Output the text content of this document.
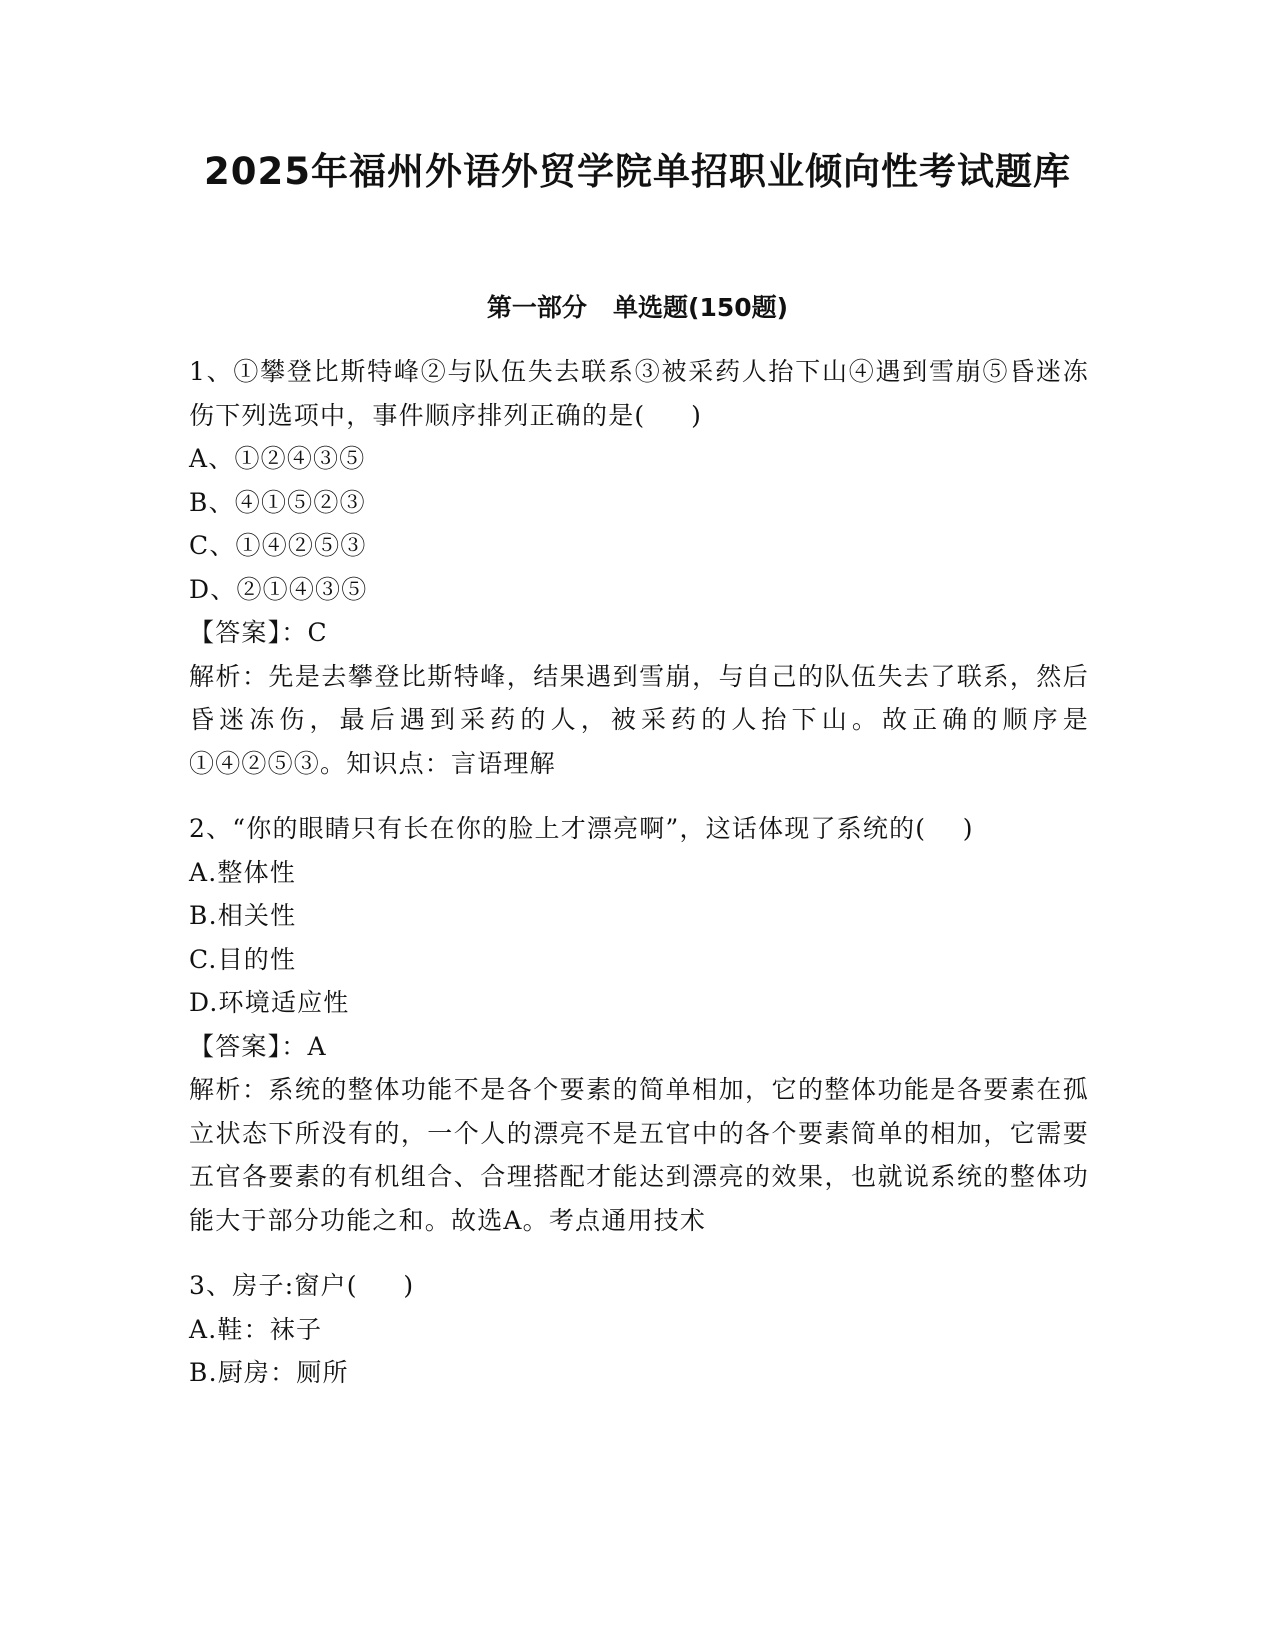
2025年福州外语外贸学院单招职业倾向性考试题库
第一部分   单选题(150题)

1、①攀登比斯特峰②与队伍失去联系③被采药人抬下山④遇到雪崩⑤昏迷冻伤下列选项中，事件顺序排列正确的是(     )

A、①②④③⑤

B、④①⑤②③

C、①④②⑤③

D、②①④③⑤

【答案】：C

解析：先是去攀登比斯特峰，结果遇到雪崩，与自己的队伍失去了联系，然后昏迷冻伤，最后遇到采药的人，被采药的人抬下山。故正确的顺序是①④②⑤③。知识点：言语理解

2、“你的眼睛只有长在你的脸上才漂亮啊”，这话体现了系统的(    )

A.整体性

B.相关性

C.目的性

D.环境适应性

【答案】：A

解析：系统的整体功能不是各个要素的简单相加，它的整体功能是各要素在孤立状态下所没有的，一个人的漂亮不是五官中的各个要素简单的相加，它需要五官各要素的有机组合、合理搭配才能达到漂亮的效果，也就说系统的整体功能大于部分功能之和。故选A。考点通用技术

3、房子:窗户(     )

A.鞋：袜子

B.厨房：厕所
